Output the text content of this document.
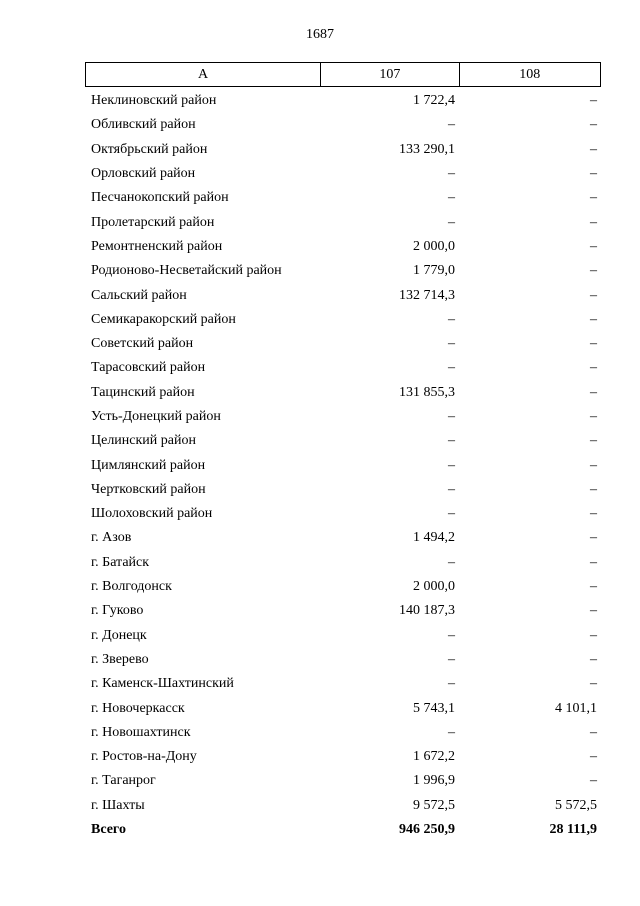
1687
А	107	108
Неклиновский район	1 722,4	–
Обливский район	–	–
Октябрьский район	133 290,1	–
Орловский район	–	–
Песчанокопский район	–	–
Пролетарский район	–	–
Ремонтненский район	2 000,0	–
Родионово-Несветайский район	1 779,0	–
Сальский район	132 714,3	–
Семикаракорский район	–	–
Советский район	–	–
Тарасовский район	–	–
Тацинский район	131 855,3	–
Усть-Донецкий район	–	–
Целинский район	–	–
Цимлянский район	–	–
Чертковский район	–	–
Шолоховский район	–	–
г. Азов	1 494,2	–
г. Батайск	–	–
г. Волгодонск	2 000,0	–
г. Гуково	140 187,3	–
г. Донецк	–	–
г. Зверево	–	–
г. Каменск-Шахтинский	–	–
г. Новочеркасск	5 743,1	4 101,1
г. Новошахтинск	–	–
г. Ростов-на-Дону	1 672,2	–
г. Таганрог	1 996,9	–
г. Шахты	9 572,5	5 572,5
Всего	946 250,9	28 111,9
